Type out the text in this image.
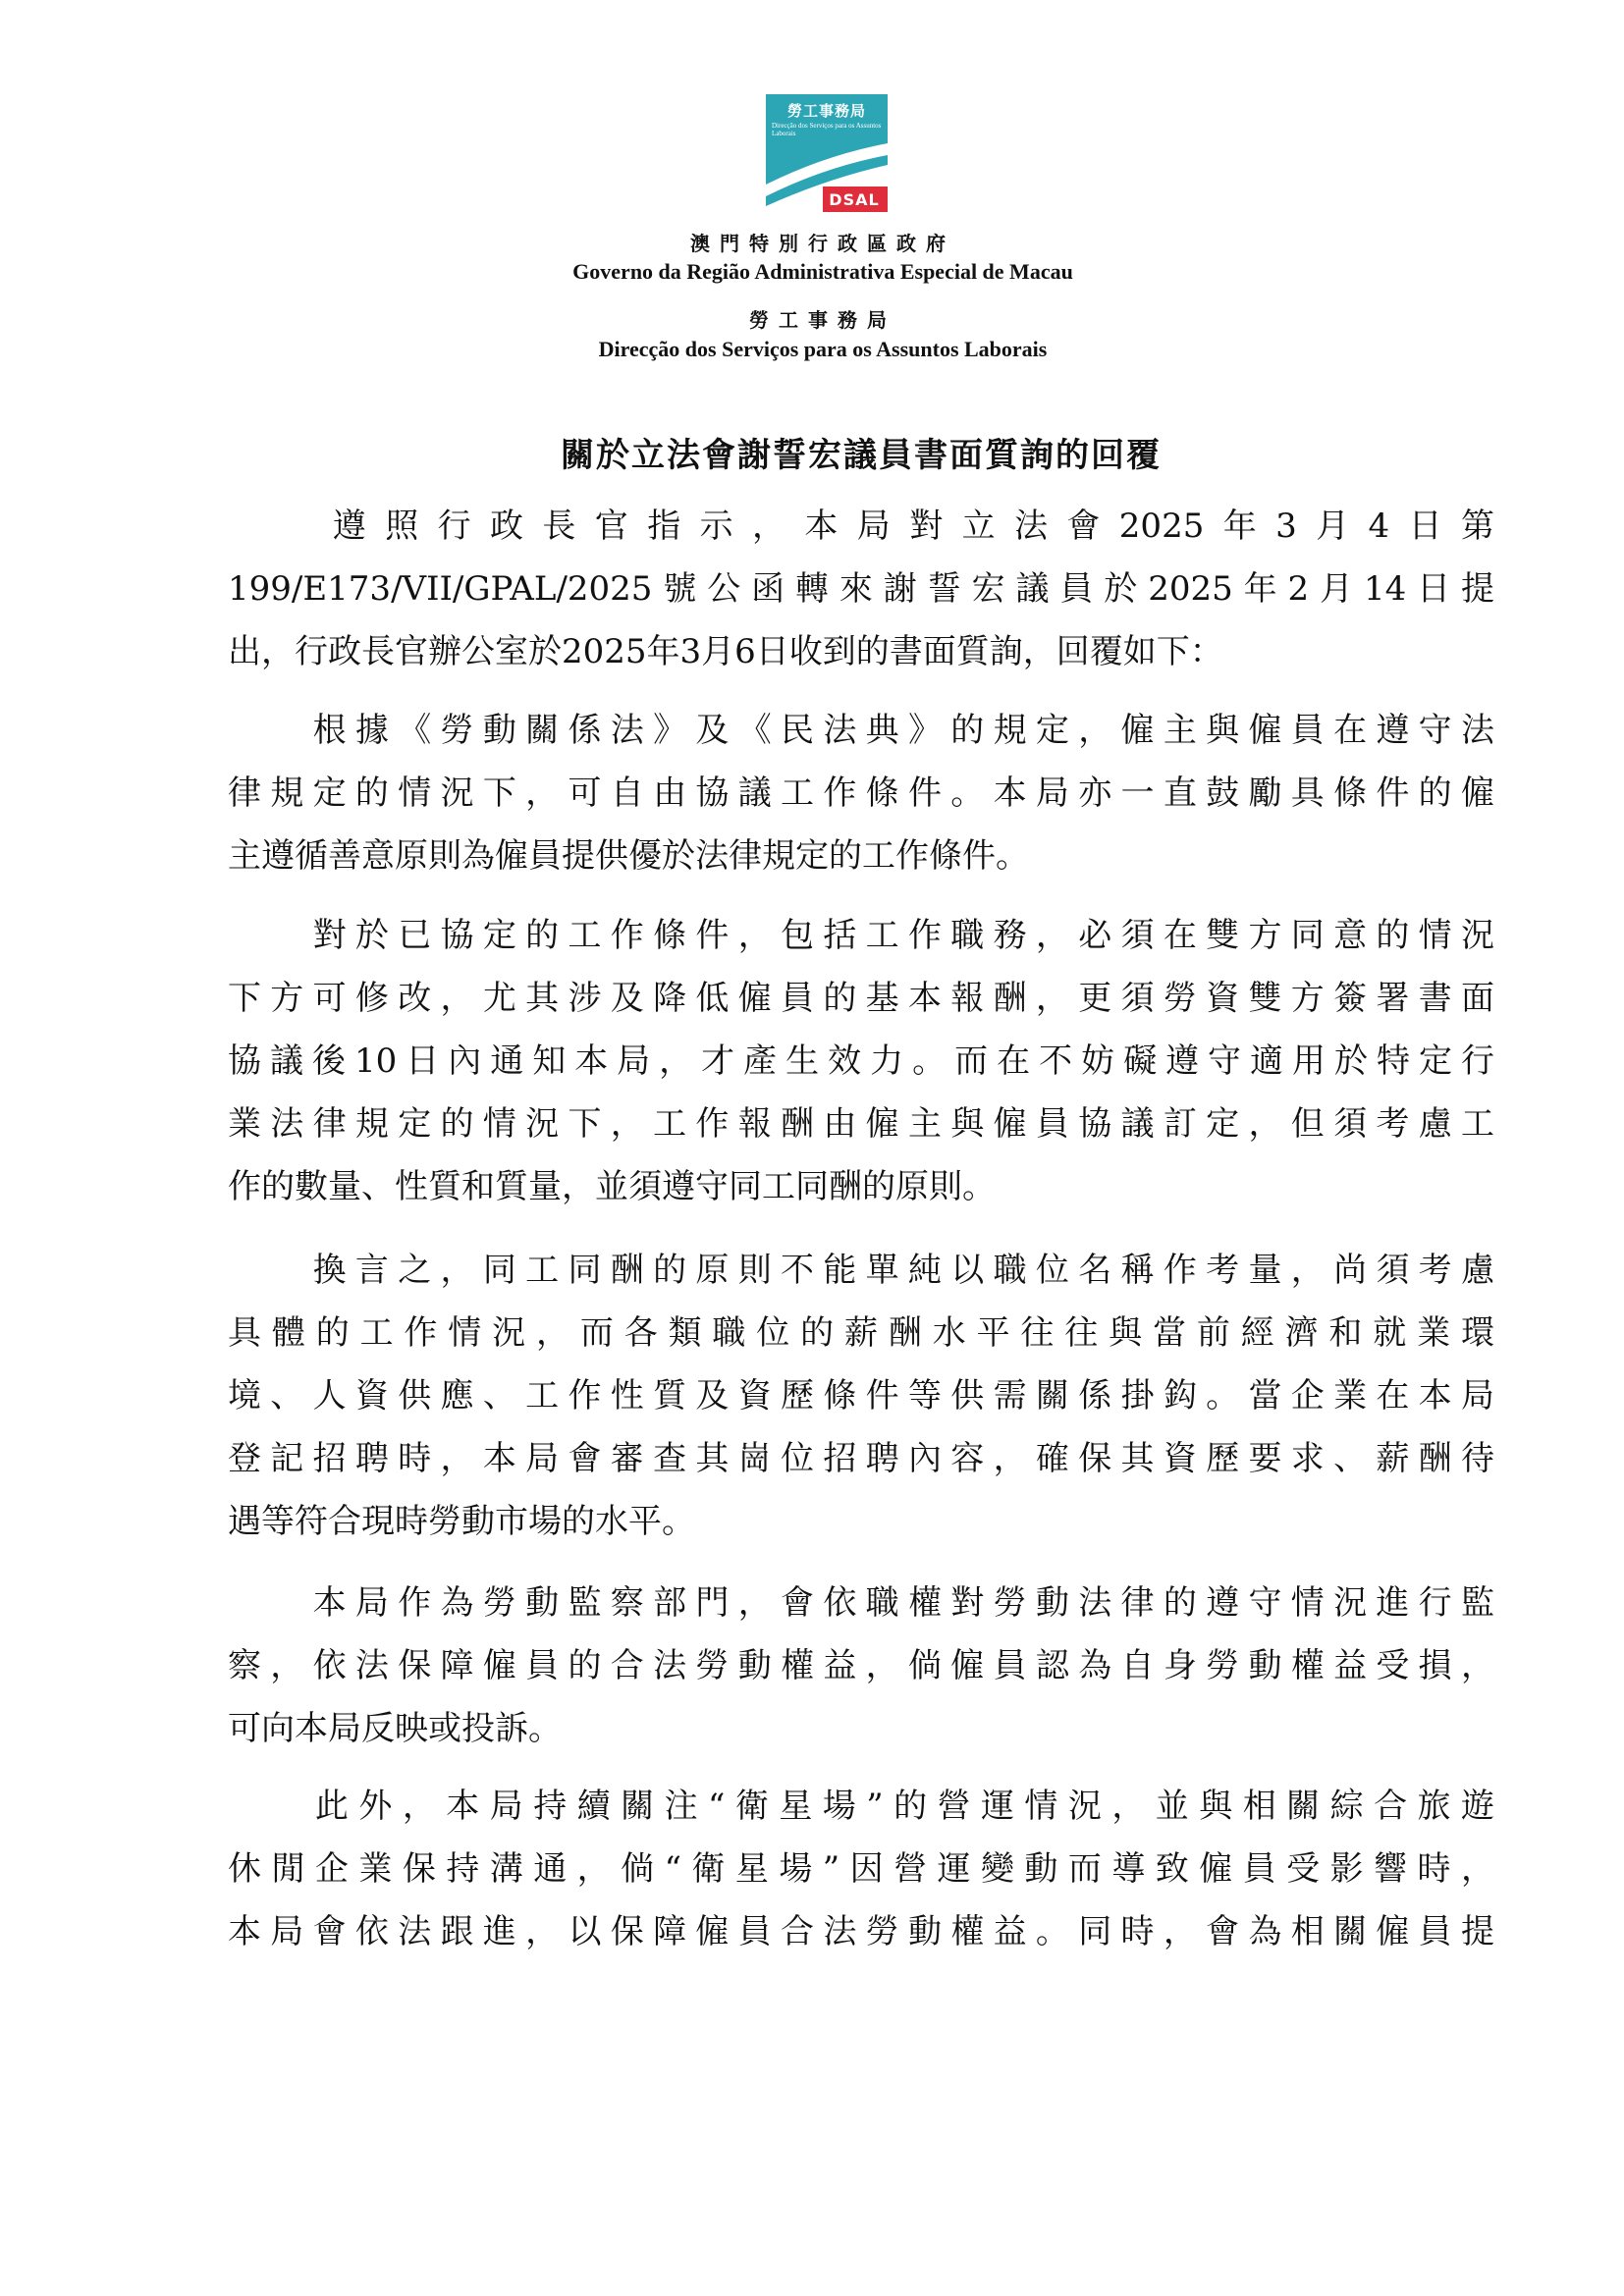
勞工事務局
Direcção dos Serviços para os Assuntos Laborais
DSAL
澳門特別行政區政府
Governo da Região Administrativa Especial de Macau
勞工事務局
Direcção dos Serviços para os Assuntos Laborais
關於立法會謝誓宏議員書面質詢的回覆
　　遵照行政長官指示，本局對立法會2025年3月4日第
199/E173/VII/GPAL/2025號公函轉來謝誓宏議員於2025年2月14日提
出，行政長官辦公室於2025年3月6日收到的書面質詢，回覆如下：
　　根據《勞動關係法》及《民法典》的規定，僱主與僱員在遵守法
律規定的情況下，可自由協議工作條件。本局亦一直鼓勵具條件的僱
主遵循善意原則為僱員提供優於法律規定的工作條件。
　　對於已協定的工作條件，包括工作職務，必須在雙方同意的情況
下方可修改，尤其涉及降低僱員的基本報酬，更須勞資雙方簽署書面
協議後10日內通知本局，才產生效力。而在不妨礙遵守適用於特定行
業法律規定的情況下，工作報酬由僱主與僱員協議訂定，但須考慮工
作的數量、性質和質量，並須遵守同工同酬的原則。
　　換言之，同工同酬的原則不能單純以職位名稱作考量，尚須考慮
具體的工作情況，而各類職位的薪酬水平往往與當前經濟和就業環
境、人資供應、工作性質及資歷條件等供需關係掛鈎。當企業在本局
登記招聘時，本局會審查其崗位招聘內容，確保其資歷要求、薪酬待
遇等符合現時勞動市場的水平。
　　本局作為勞動監察部門，會依職權對勞動法律的遵守情況進行監
察，依法保障僱員的合法勞動權益，倘僱員認為自身勞動權益受損，
可向本局反映或投訴。
　　此外，本局持續關注“衛星場”的營運情況，並與相關綜合旅遊
休閒企業保持溝通，倘“衛星場”因營運變動而導致僱員受影響時，
本局會依法跟進，以保障僱員合法勞動權益。同時，會為相關僱員提
